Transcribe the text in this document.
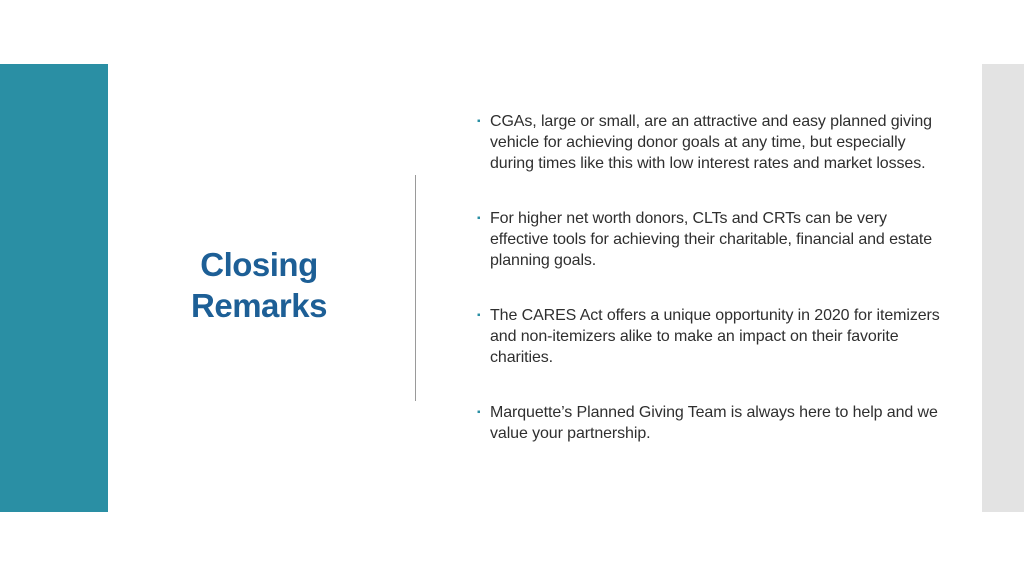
Closing
Remarks
▪ CGAs, large or small, are an attractive and easy planned giving vehicle for achieving donor goals at any time, but especially during times like this with low interest rates and market losses.
▪ For higher net worth donors, CLTs and CRTs can be very effective tools for achieving their charitable, financial and estate planning goals.
▪ The CARES Act offers a unique opportunity in 2020 for itemizers and non-itemizers alike to make an impact on their favorite charities.
▪ Marquette’s Planned Giving Team is always here to help and we value your partnership.
